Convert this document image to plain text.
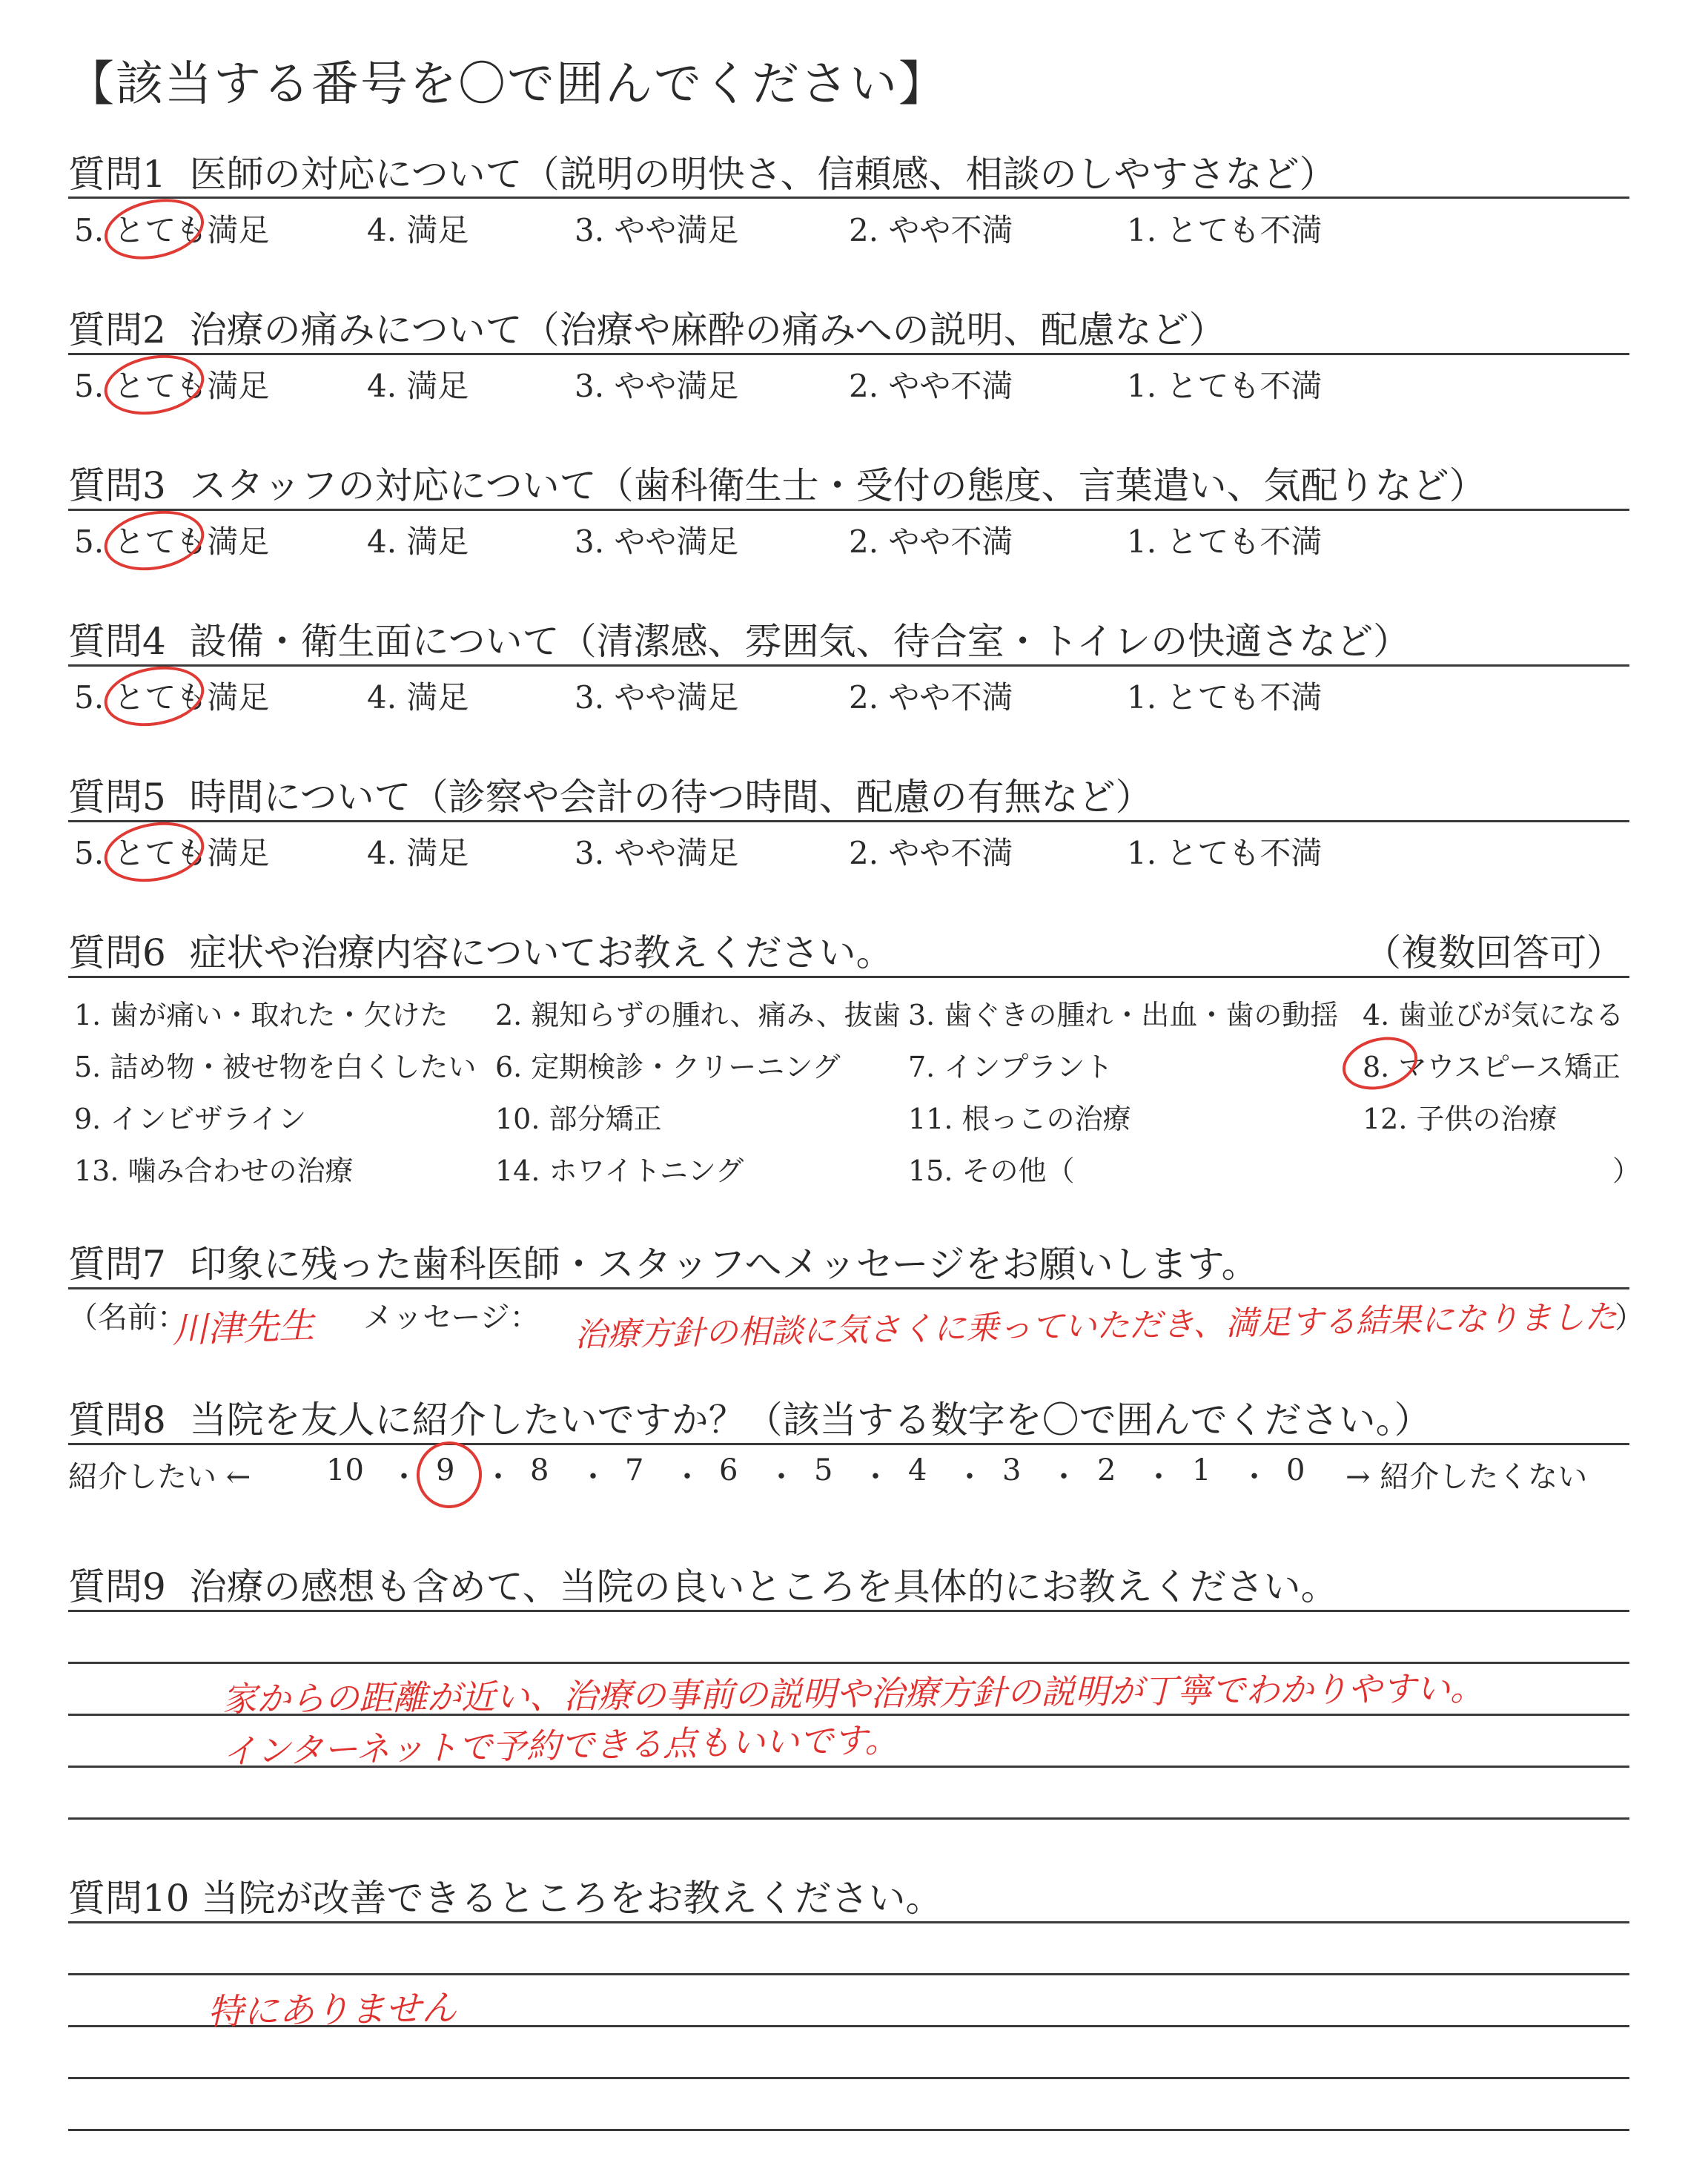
【該当する番号を〇で囲んでください】
質問1 医師の対応について（説明の明快さ、信頼感、相談のしやすさなど）
5. とても満足	4. 満足	3. やや満足	2. やや不満	1. とても不満
質問2 治療の痛みについて（治療や麻酔の痛みへの説明、配慮など）
5. とても満足	4. 満足	3. やや満足	2. やや不満	1. とても不満
質問3 スタッフの対応について（歯科衛生士・受付の態度、言葉遣い、気配りなど）
5. とても満足	4. 満足	3. やや満足	2. やや不満	1. とても不満
質問4 設備・衛生面について（清潔感、雰囲気、待合室・トイレの快適さなど）
5. とても満足	4. 満足	3. やや満足	2. やや不満	1. とても不満
質問5 時間について（診察や会計の待つ時間、配慮の有無など）
5. とても満足	4. 満足	3. やや満足	2. やや不満	1. とても不満
質問6 症状や治療内容についてお教えください。	（複数回答可）
1. 歯が痛い・取れた・欠けた 2. 親知らずの腫れ、痛み、抜歯 3. 歯ぐきの腫れ・出血・歯の動揺 4. 歯並びが気になる
5. 詰め物・被せ物を白くしたい 6. 定期検診・クリーニング 7. インプラント	8. マウスピース矯正
9. インビザライン	10. 部分矯正	11. 根っこの治療	12. 子供の治療
13. 噛み合わせの治療	14. ホワイトニング	15. その他（	）
質問7 印象に残った歯科医師・スタッフへメッセージをお願いします。
（名前：
川津先生 メッセージ： 治療方針の相談に気さくに乗っていただき、満足する結果になりました
）
質問8 当院を友人に紹介したいですか？（該当する数字を〇で囲んでください。）
紹介したい ←	10 ・ 9 ・ 8 ・ 7 ・ 6 ・ 5 ・ 4 ・ 3 ・ 2 ・ 1 ・ 0 → 紹介したくない
質問9 治療の感想も含めて、当院の良いところを具体的にお教えください。
家からの距離が近い、治療の事前の説明や治療方針の説明が丁寧でわかりやすい。
インターネットで予約できる点もいいです。
質問10 当院が改善できるところをお教えください。
特にありません
